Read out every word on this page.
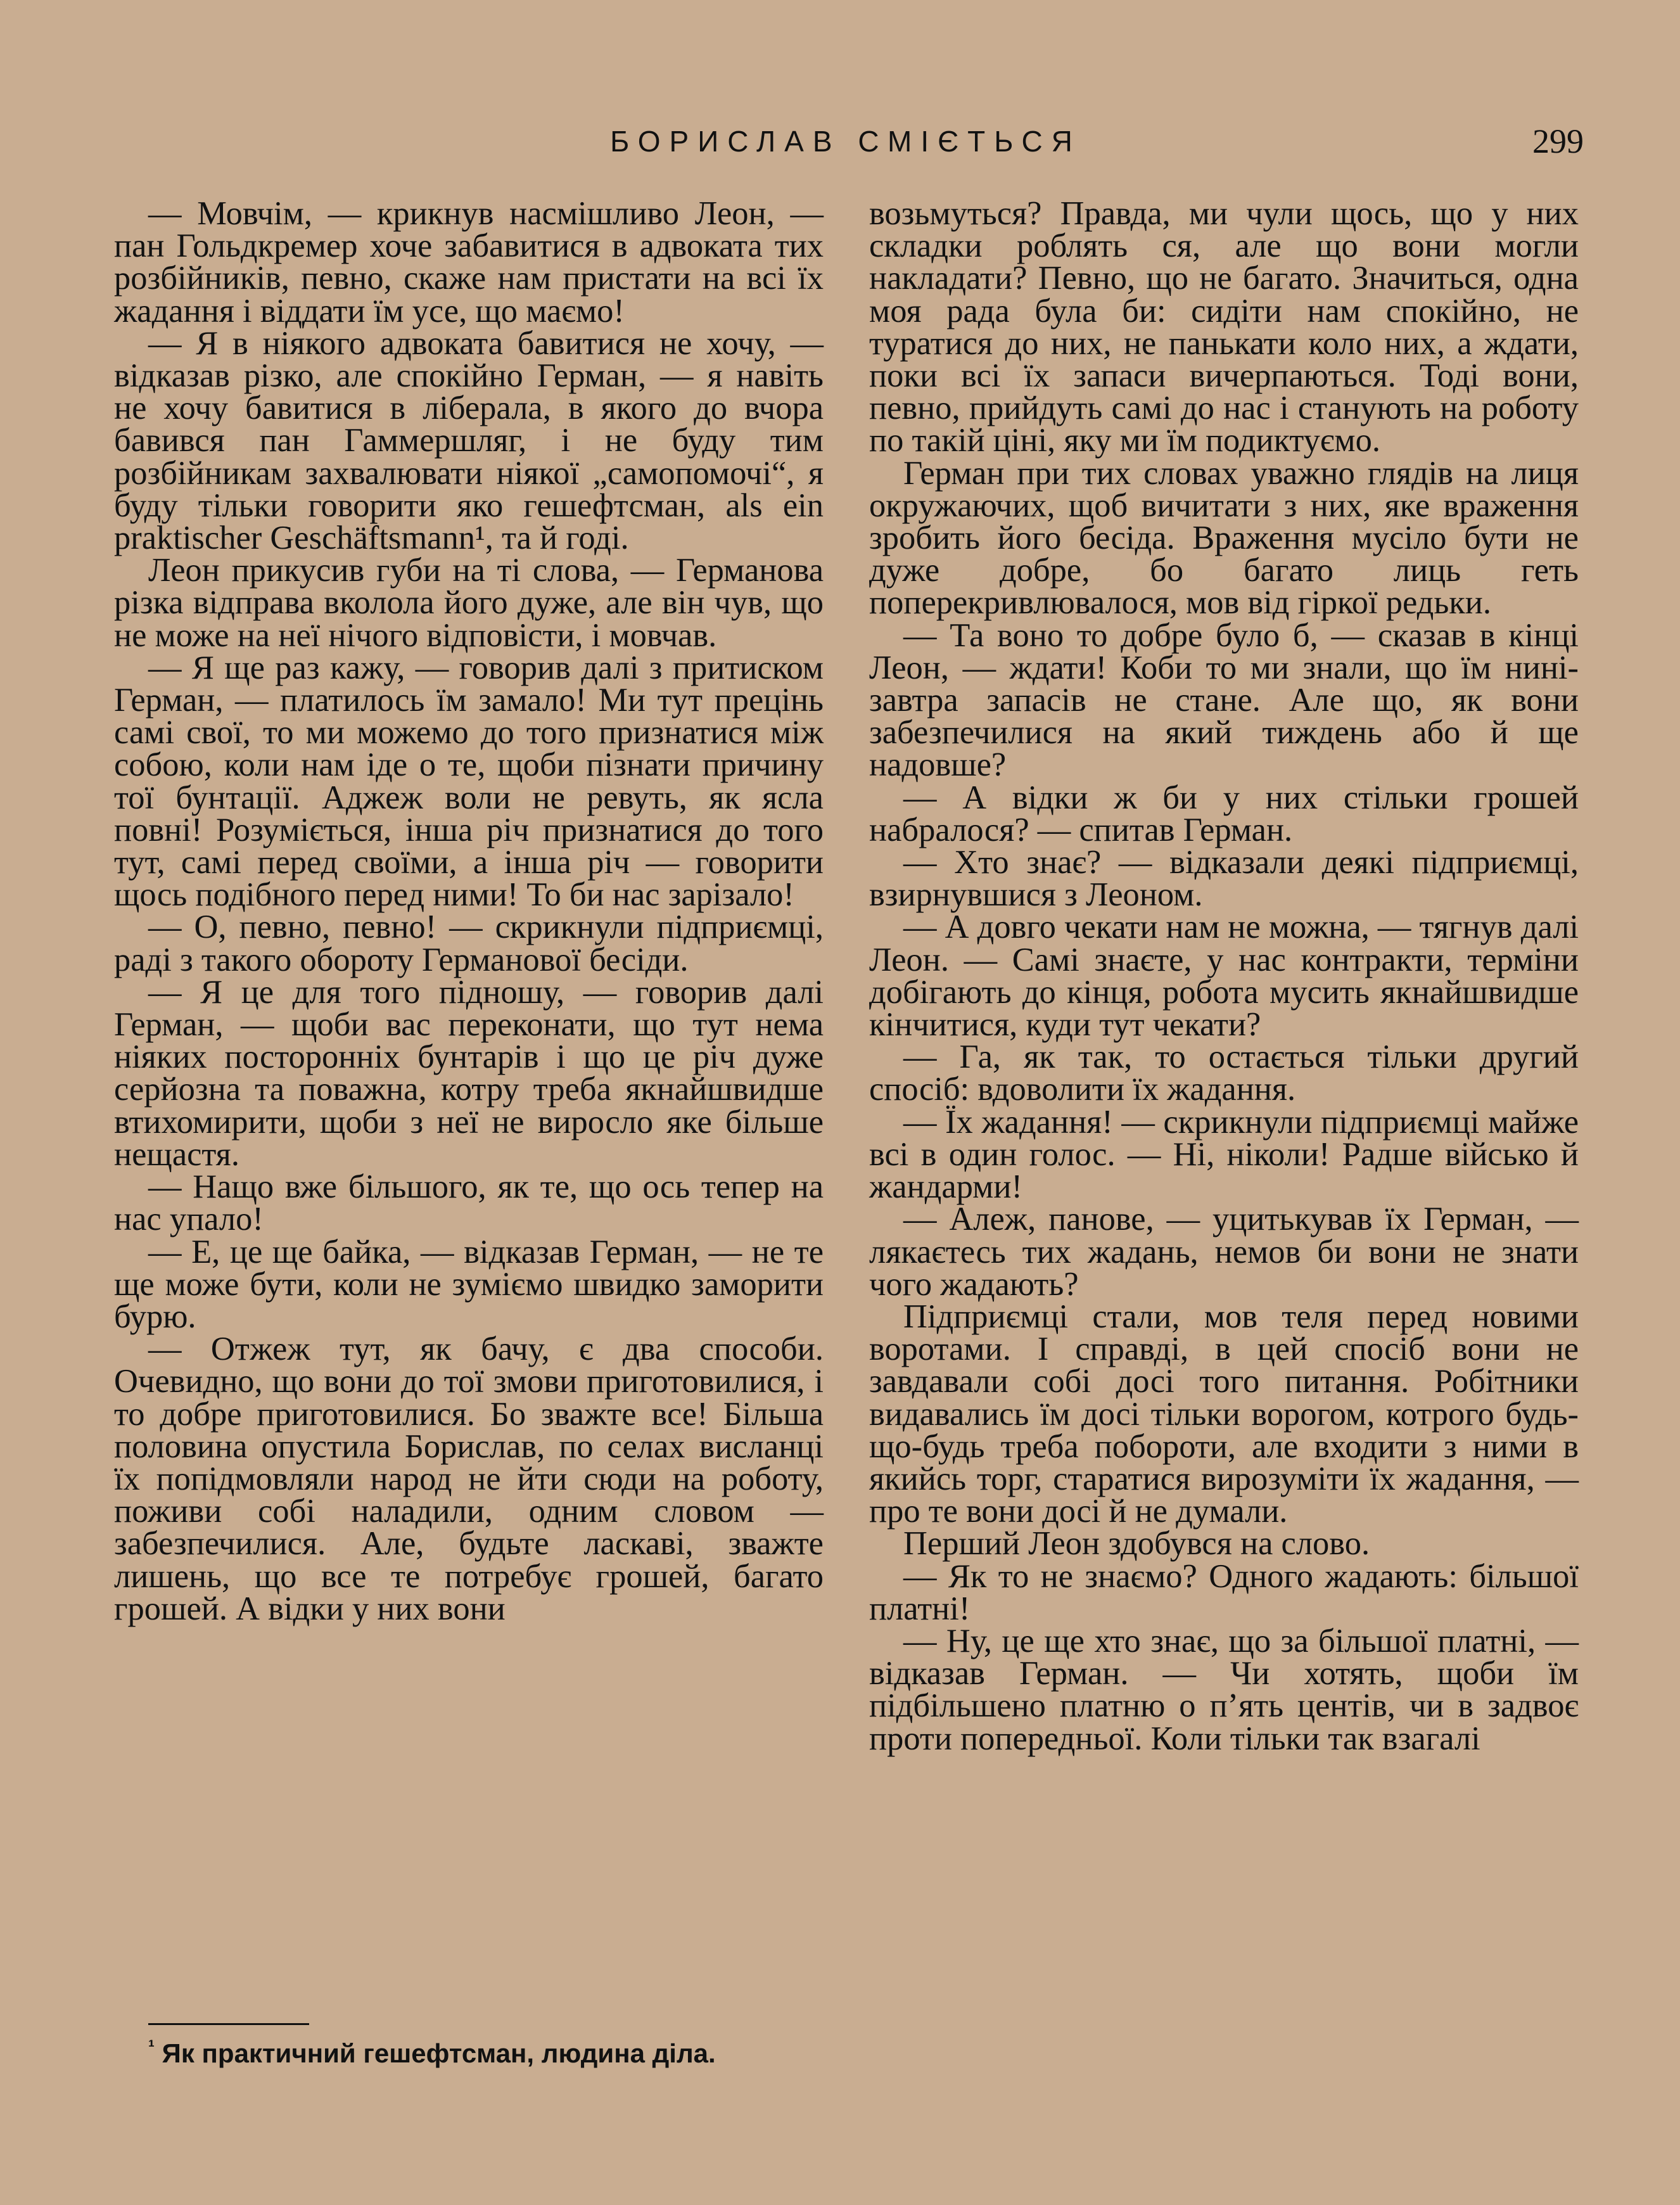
БОРИСЛАВ СМІЄТЬСЯ	299

— Мовчім, — крикнув насмішливо Леон, — пан Гольдкремер хоче забавитися в адвоката тих розбійників, певно, скаже нам пристати на всі їх жадання і віддати їм усе, що маємо!

— Я в ніякого адвоката бавитися не хочу, — відказав різко, але спокійно Герман, — я навіть не хочу бавитися в ліберала, в якого до вчора бавився пан Гаммершляг, і не буду тим розбійникам захвалювати ніякої „самопомочі“, я буду тільки говорити яко гешефтсман, als ein praktischer Geschäftsmann¹, та й годі.

Леон прикусив губи на ті слова, — Германова різка відправа вколола його дуже, але він чув, що не може на неї нічого відповісти, і мовчав.

— Я ще раз кажу, — говорив далі з притиском Герман, — платилось їм замало! Ми тут прецінь самі свої, то ми можемо до того признатися між собою, коли нам іде о те, щоби пізнати причину тої бунтації. Аджеж воли не ревуть, як ясла повні! Розуміється, інша річ признатися до того тут, самі перед своїми, а інша річ — говорити щось подібного перед ними! То би нас зарізало!

— О, певно, певно! — скрикнули підприємці, раді з такого обороту Германової бесіди.

— Я це для того підношу, — говорив далі Герман, — щоби вас переконати, що тут нема ніяких посторонніх бунтарів і що це річ дуже серйозна та поважна, котру треба якнайшвидше втихомирити, щоби з неї не виросло яке більше нещастя.

— Нащо вже більшого, як те, що ось тепер на нас упало!

— Е, це ще байка, — відказав Герман, — не те ще може бути, коли не зуміємо швидко заморити бурю.

— Отжеж тут, як бачу, є два способи. Очевидно, що вони до тої змови приготовилися, і то добре приготовилися. Бо зважте все! Більша половина опустила Борислав, по селах висланці їх попідмовляли народ не йти сюди на роботу, поживи собі наладили, одним словом — забезпечилися. Але, будьте ласкаві, зважте лишень, що все те потребує грошей, багато грошей. А відки у них вони

возьмуться? Правда, ми чули щось, що у них складки роблять ся, але що вони могли накладати? Певно, що не багато. Значиться, одна моя рада була би: сидіти нам спокійно, не туратися до них, не панькати коло них, а ждати, поки всі їх запаси вичерпаються. Тоді вони, певно, прийдуть самі до нас і станують на роботу по такій ціні, яку ми їм подиктуємо.

Герман при тих словах уважно глядів на лиця окружаючих, щоб вичитати з них, яке враження зробить його бесіда. Враження мусіло бути не дуже добре, бо багато лиць геть поперекривлювалося, мов від гіркої редьки.

— Та воно то добре було б, — сказав в кінці Леон, — ждати! Коби то ми знали, що їм нині-завтра запасів не стане. Але що, як вони забезпечилися на який тиждень або й ще надовше?

— А відки ж би у них стільки грошей набралося? — спитав Герман.

— Хто знає? — відказали деякі підприємці, взирнувшися з Леоном.

— А довго чекати нам не можна, — тягнув далі Леон. — Самі знаєте, у нас контракти, терміни добігають до кінця, робота мусить якнайшвидше кінчитися, куди тут чекати?

— Га, як так, то остається тільки другий спосіб: вдоволити їх жадання.

— Їх жадання! — скрикнули підприємці майже всі в один голос. — Ні, ніколи! Радше військо й жандарми!

— Алеж, панове, — уцитькував їх Герман, — лякаєтесь тих жадань, немов би вони не знати чого жадають?

Підприємці стали, мов теля перед новими воротами. І справді, в цей спосіб вони не завдавали собі досі того питання. Робітники видавались їм досі тільки ворогом, котрого будь-що-будь треба побороти, але входити з ними в якийсь торг, старатися вирозуміти їх жадання, — про те вони досі й не думали.

Перший Леон здобувся на слово.

— Як то не знаємо? Одного жадають: більшої платні!

— Ну, це ще хто знає, що за більшої платні, — відказав Герман. — Чи хотять, щоби їм підбільшено платню о п’ять центів, чи в задвоє проти попередньої. Коли тільки так взагалі

$^{^1}$ Як практичний гешефтсман, людина діла.
